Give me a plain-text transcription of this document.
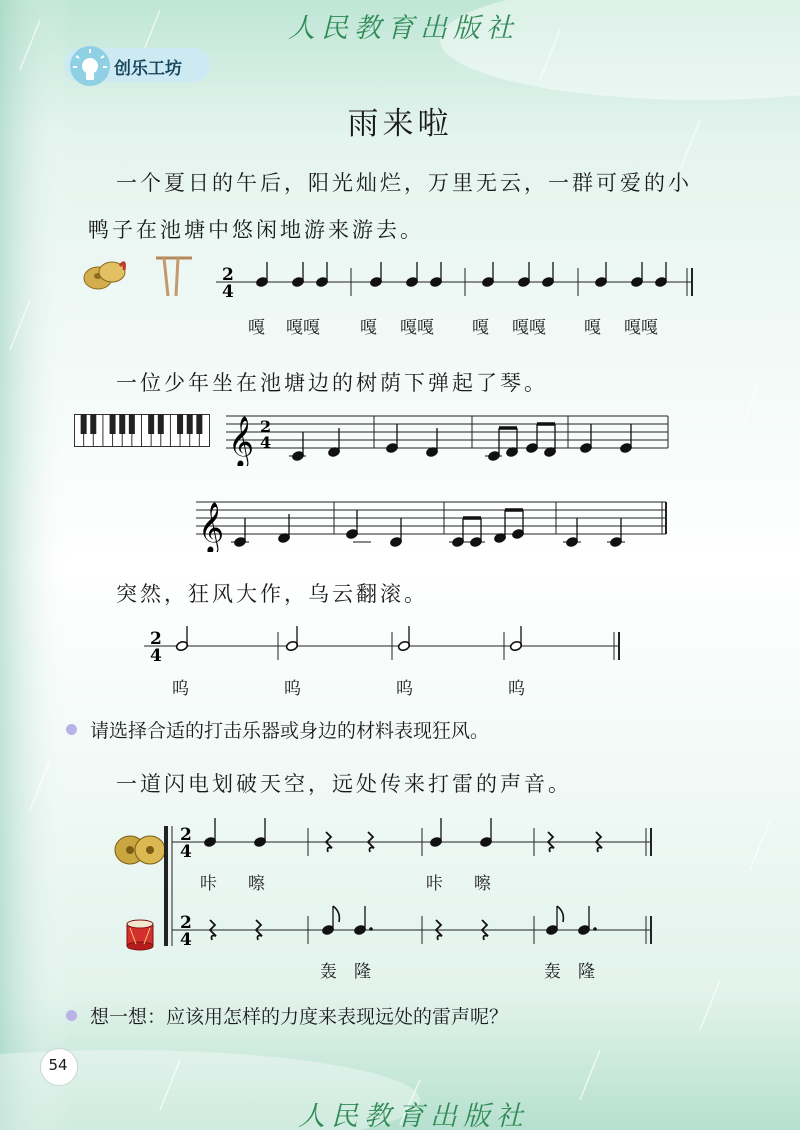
人民教育出版社
创乐工坊
雨来啦
一个夏日的午后，阳光灿烂，万里无云，一群可爱的小
鸭子在池塘中悠闲地游来游去。
2
4
嘎 嘎嘎 嘎 嘎嘎 嘎 嘎嘎 嘎 嘎嘎
一位少年坐在池塘边的树荫下弹起了琴。
𝄞 2
4
𝄞
突然，狂风大作，乌云翻滚。
2
4
呜	呜	呜	呜
请选择合适的打击乐器或身边的材料表现狂风。
一道闪电划破天空，远处传来打雷的声音。
2
4
2
4
咔 嚓	咔 嚓
轰 隆	轰 隆
想一想：应该用怎样的力度来表现远处的雷声呢？
54
人民教育出版社
